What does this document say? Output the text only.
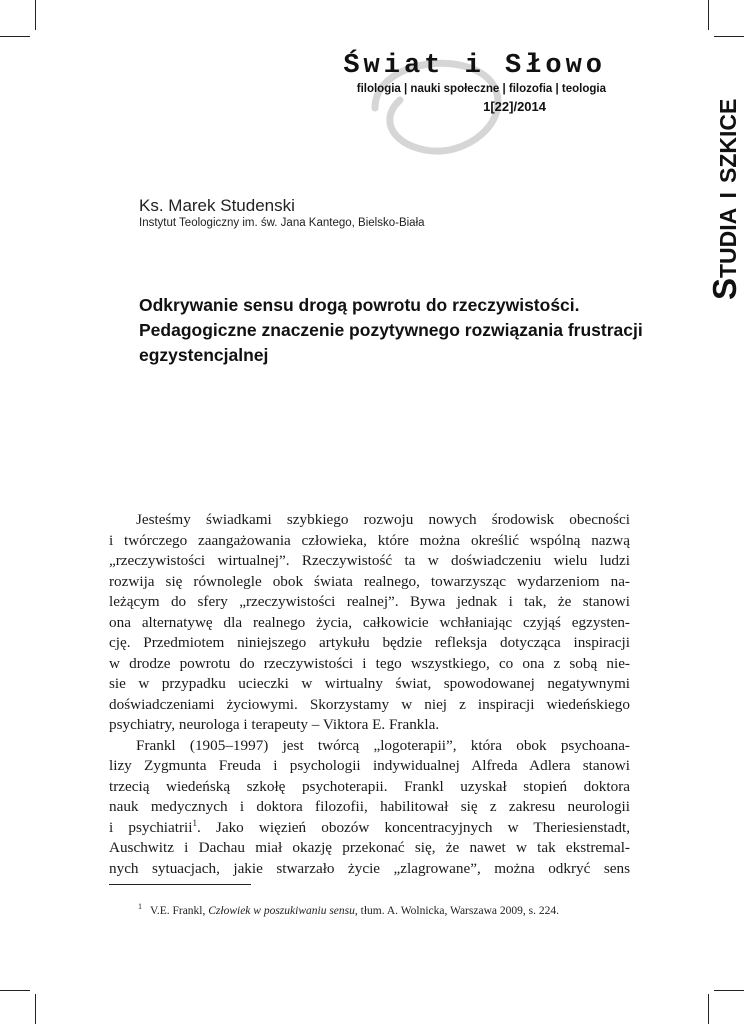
Świat i Słowo
filologia | nauki społeczne | filozofia | teologia
1[22]/2014	Studia i szkice
Ks. Marek Studenski
Instytut Teologiczny im. św. Jana Kantego, Bielsko-Biała
Odkrywanie sensu drogą powrotu do rzeczywistości.
Pedagogiczne znaczenie pozytywnego rozwiązania frustracji
egzystencjalnej
Jesteśmy świadkami szybkiego rozwoju nowych środowisk obecności
i twórczego zaangażowania człowieka, które można określić wspólną nazwą
„rzeczywistości wirtualnej”. Rzeczywistość ta w doświadczeniu wielu ludzi
rozwija się równolegle obok świata realnego, towarzysząc wydarzeniom na-
leżącym do sfery „rzeczywistości realnej”. Bywa jednak i tak, że stanowi
ona alternatywę dla realnego życia, całkowicie wchłaniając czyjąś egzysten-
cję. Przedmiotem niniejszego artykułu będzie refleksja dotycząca inspiracji
w drodze powrotu do rzeczywistości i tego wszystkiego, co ona z sobą nie-
sie w przypadku ucieczki w wirtualny świat, spowodowanej negatywnymi
doświadczeniami życiowymi. Skorzystamy w niej z inspiracji wiedeńskiego
psychiatry, neurologa i terapeuty – Viktora E. Frankla.
Frankl (1905–1997) jest twórcą „logoterapii”, która obok psychoana-
lizy Zygmunta Freuda i psychologii indywidualnej Alfreda Adlera stanowi
trzecią wiedeńską szkołę psychoterapii. Frankl uzyskał stopień doktora
nauk medycznych i doktora filozofii, habilitował się z zakresu neurologii
i psychiatrii$^1$. Jako więzień obozów koncentracyjnych w Theriesienstadt,
Auschwitz i Dachau miał okazję przekonać się, że nawet w tak ekstremal-
nych sytuacjach, jakie stwarzało życie „zlagrowane”, można odkryć sens
$^1$ V.E. Frankl, Człowiek w poszukiwaniu sensu, tłum. A. Wolnicka, Warszawa 2009, s. 224.
